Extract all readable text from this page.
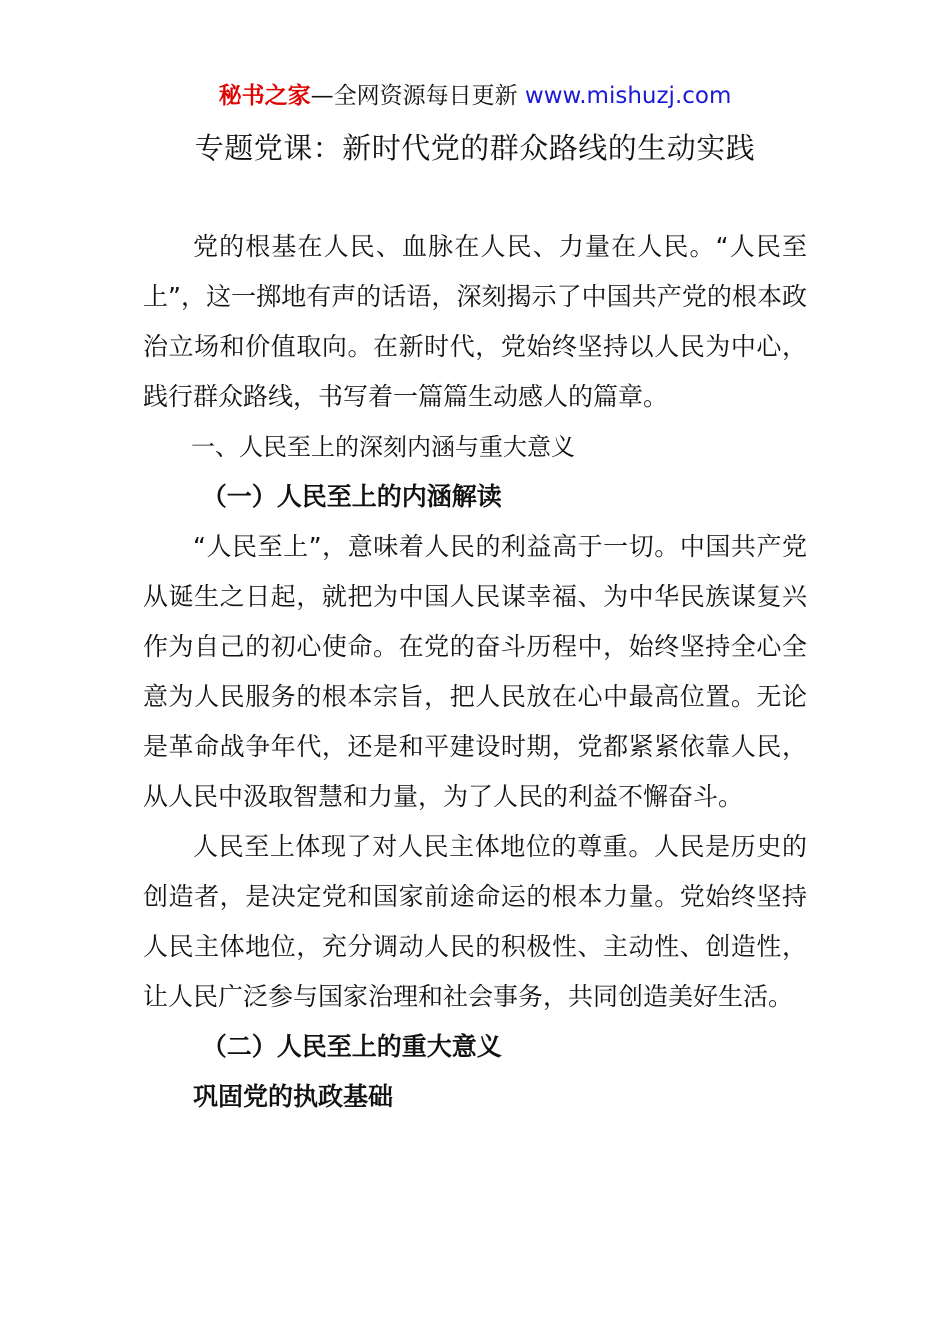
秘书之家—全网资源每日更新 www.mishuzj.com
专题党课：新时代党的群众路线的生动实践

党的根基在人民、血脉在人民、力量在人民。“人民至上”，这一掷地有声的话语，深刻揭示了中国共产党的根本政治立场和价值取向。在新时代，党始终坚持以人民为中心，践行群众路线，书写着一篇篇生动感人的篇章。

一、人民至上的深刻内涵与重大意义

（一）人民至上的内涵解读

“人民至上”，意味着人民的利益高于一切。中国共产党从诞生之日起，就把为中国人民谋幸福、为中华民族谋复兴作为自己的初心使命。在党的奋斗历程中，始终坚持全心全意为人民服务的根本宗旨，把人民放在心中最高位置。无论是革命战争年代，还是和平建设时期，党都紧紧依靠人民，从人民中汲取智慧和力量，为了人民的利益不懈奋斗。

人民至上体现了对人民主体地位的尊重。人民是历史的创造者，是决定党和国家前途命运的根本力量。党始终坚持人民主体地位，充分调动人民的积极性、主动性、创造性，让人民广泛参与国家治理和社会事务，共同创造美好生活。

（二）人民至上的重大意义

巩固党的执政基础
